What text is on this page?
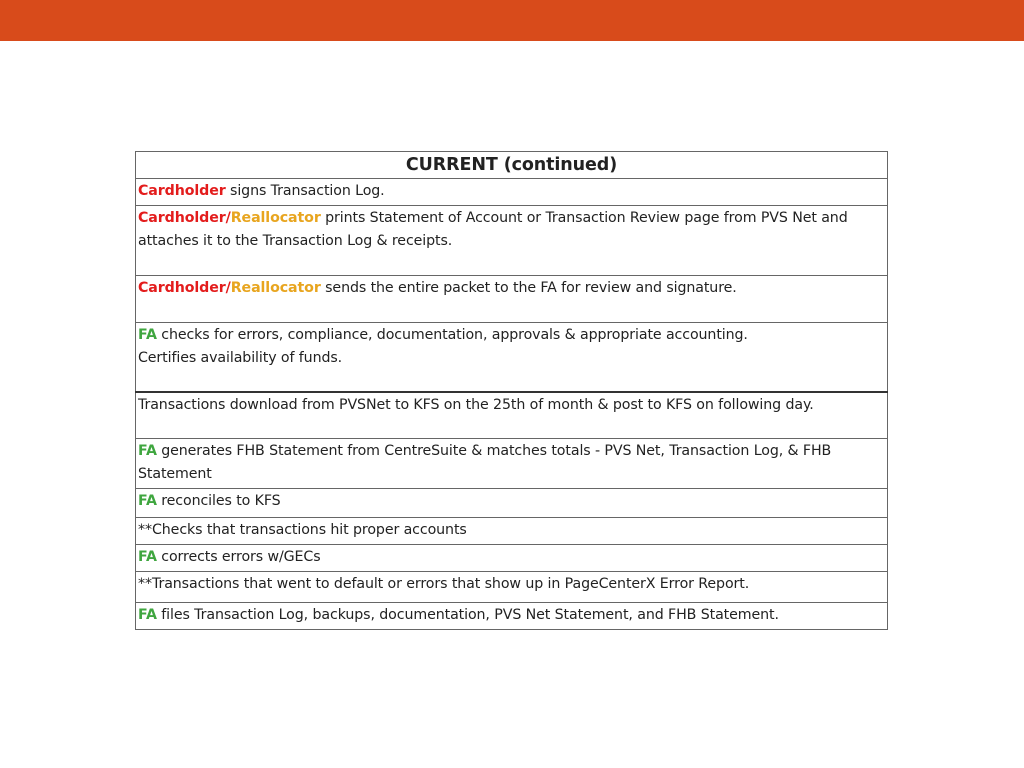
CURRENT (continued)
Cardholder signs Transaction Log.
Cardholder/Reallocator prints Statement of Account or Transaction Review page from PVS Net and attaches it to the Transaction Log & receipts.
Cardholder/Reallocator sends the entire packet to the FA for review and signature.
FA checks for errors, compliance, documentation, approvals & appropriate accounting.
Certifies availability of funds.
Transactions download from PVSNet to KFS on the 25th of month & post to KFS on following day.
FA generates FHB Statement from CentreSuite & matches totals - PVS Net, Transaction Log, & FHB Statement
FA reconciles to KFS
**Checks that transactions hit proper accounts
FA corrects errors w/GECs
**Transactions that went to default or errors that show up in PageCenterX Error Report.
FA files Transaction Log, backups, documentation, PVS Net Statement, and FHB Statement.
